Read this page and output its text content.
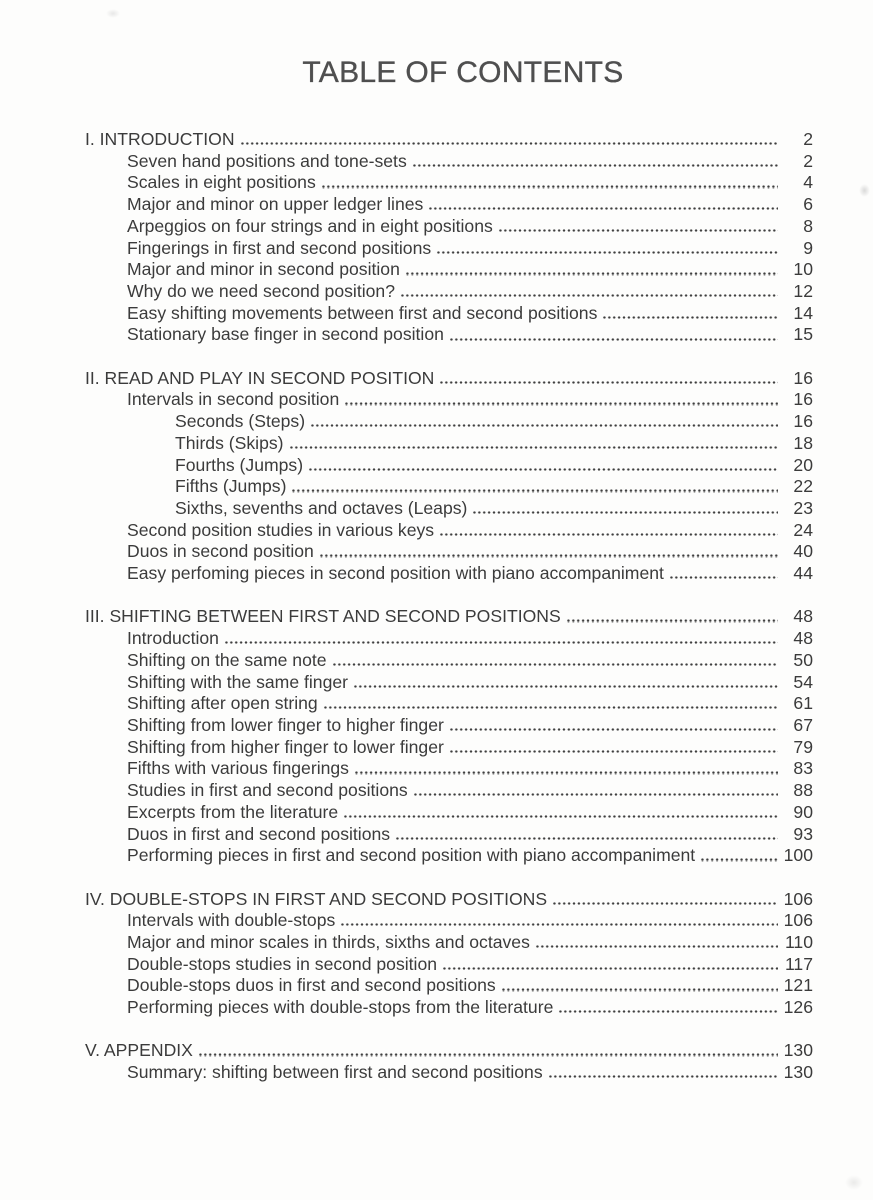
TABLE OF CONTENTS
I. INTRODUCTION	2
Seven hand positions and tone-sets	2
Scales in eight positions	4
Major and minor on upper ledger lines	6
Arpeggios on four strings and in eight positions	8
Fingerings in first and second positions	9
Major and minor in second position	10
Why do we need second position?	12
Easy shifting movements between first and second positions	14
Stationary base finger in second position	15
II. READ AND PLAY IN SECOND POSITION	16
Intervals in second position	16
Seconds (Steps)	16
Thirds (Skips)	18
Fourths (Jumps)	20
Fifths (Jumps)	22
Sixths, sevenths and octaves (Leaps)	23
Second position studies in various keys	24
Duos in second position	40
Easy perfoming pieces in second position with piano accompaniment	44
III. SHIFTING BETWEEN FIRST AND SECOND POSITIONS	48
Introduction	48
Shifting on the same note	50
Shifting with the same finger	54
Shifting after open string	61
Shifting from lower finger to higher finger	67
Shifting from higher finger to lower finger	79
Fifths with various fingerings	83
Studies in first and second positions	88
Excerpts from the literature	90
Duos in first and second positions	93
Performing pieces in first and second position with piano accompaniment	100
IV. DOUBLE-STOPS IN FIRST AND SECOND POSITIONS	106
Intervals with double-stops	106
Major and minor scales in thirds, sixths and octaves	110
Double-stops studies in second position	117
Double-stops duos in first and second positions	121
Performing pieces with double-stops from the literature	126
V. APPENDIX	130
Summary: shifting between first and second positions	130
